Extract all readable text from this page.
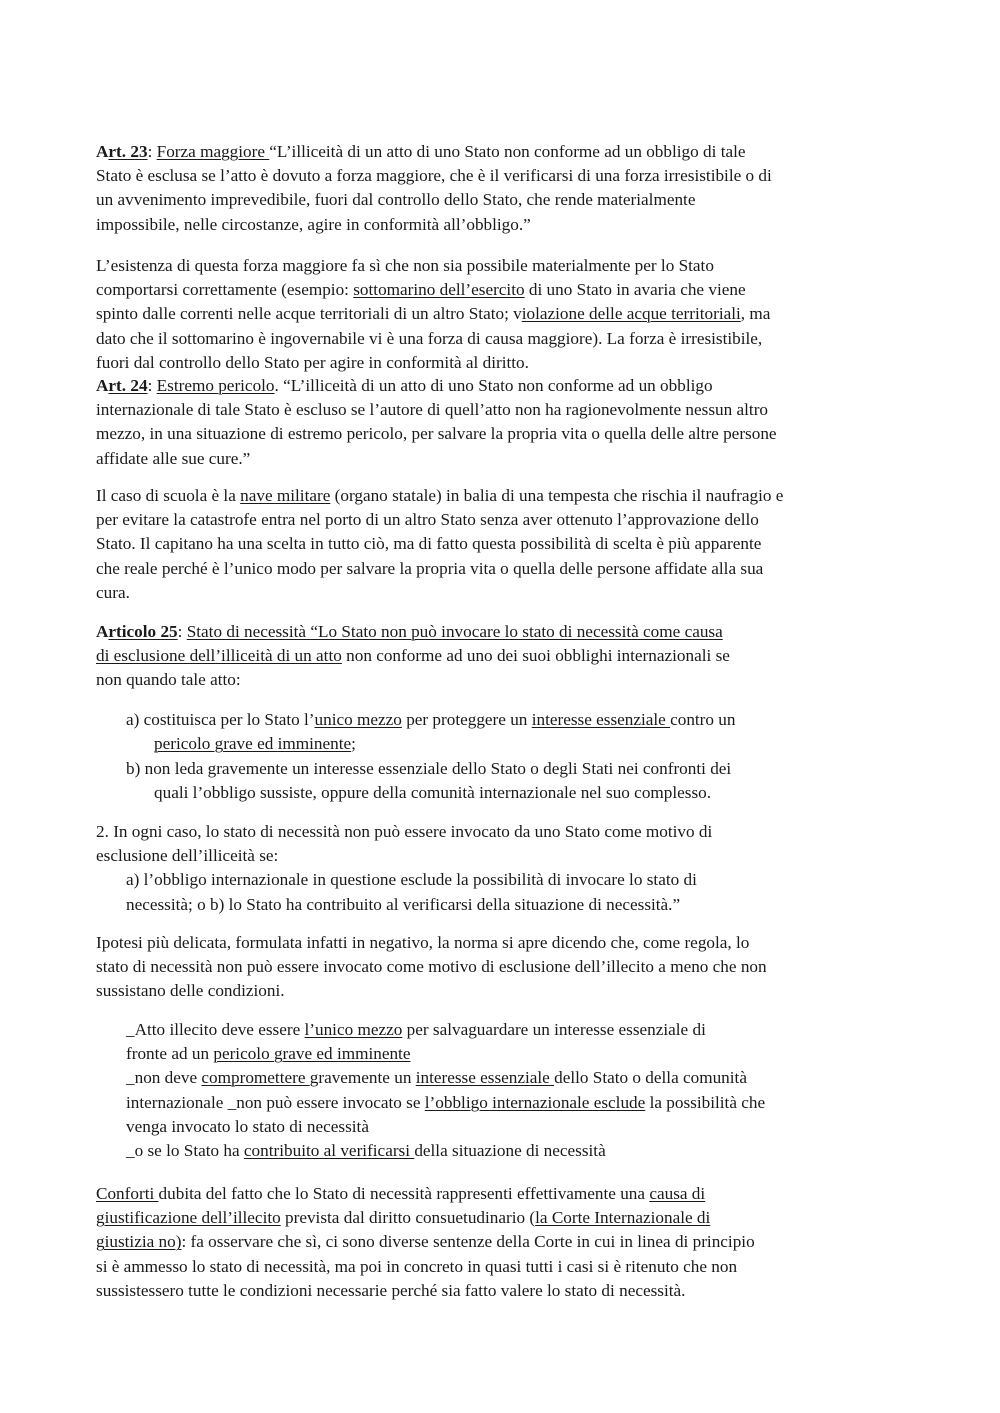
Art. 23: Forza maggiore “L’illiceità di un atto di uno Stato non conforme ad un obbligo di tale
Stato è esclusa se l’atto è dovuto a forza maggiore, che è il verificarsi di una forza irresistibile o di
un avvenimento imprevedibile, fuori dal controllo dello Stato, che rende materialmente
impossibile, nelle circostanze, agire in conformità all’obbligo.”
L’esistenza di questa forza maggiore fa sì che non sia possibile materialmente per lo Stato
comportarsi correttamente (esempio: sottomarino dell’esercito di uno Stato in avaria che viene
spinto dalle correnti nelle acque territoriali di un altro Stato; violazione delle acque territoriali, ma
dato che il sottomarino è ingovernabile vi è una forza di causa maggiore). La forza è irresistibile,
fuori dal controllo dello Stato per agire in conformità al diritto.
Art. 24: Estremo pericolo. “L’illiceità di un atto di uno Stato non conforme ad un obbligo
internazionale di tale Stato è escluso se l’autore di quell’atto non ha ragionevolmente nessun altro
mezzo, in una situazione di estremo pericolo, per salvare la propria vita o quella delle altre persone
affidate alle sue cure.”
Il caso di scuola è la nave militare (organo statale) in balia di una tempesta che rischia il naufragio e
per evitare la catastrofe entra nel porto di un altro Stato senza aver ottenuto l’approvazione dello
Stato. Il capitano ha una scelta in tutto ciò, ma di fatto questa possibilità di scelta è più apparente
che reale perché è l’unico modo per salvare la propria vita o quella delle persone affidate alla sua
cura.
Articolo 25: Stato di necessità “Lo Stato non può invocare lo stato di necessità come causa
di esclusione dell’illiceità di un atto non conforme ad uno dei suoi obblighi internazionali se
non quando tale atto:
a) costituisca per lo Stato l’unico mezzo per proteggere un interesse essenziale contro un
pericolo grave ed imminente;
b) non leda gravemente un interesse essenziale dello Stato o degli Stati nei confronti dei
quali l’obbligo sussiste, oppure della comunità internazionale nel suo complesso.
2. In ogni caso, lo stato di necessità non può essere invocato da uno Stato come motivo di
esclusione dell’illiceità se:
a) l’obbligo internazionale in questione esclude la possibilità di invocare lo stato di
necessità; o b) lo Stato ha contribuito al verificarsi della situazione di necessità.”
Ipotesi più delicata, formulata infatti in negativo, la norma si apre dicendo che, come regola, lo
stato di necessità non può essere invocato come motivo di esclusione dell’illecito a meno che non
sussistano delle condizioni.
_Atto illecito deve essere l’unico mezzo per salvaguardare un interesse essenziale di
fronte ad un pericolo grave ed imminente
_non deve compromettere gravemente un interesse essenziale dello Stato o della comunità
internazionale _non può essere invocato se l’obbligo internazionale esclude la possibilità che
venga invocato lo stato di necessità
_o se lo Stato ha contribuito al verificarsi della situazione di necessità
Conforti dubita del fatto che lo Stato di necessità rappresenti effettivamente una causa di
giustificazione dell’illecito prevista dal diritto consuetudinario (la Corte Internazionale di
giustizia no): fa osservare che sì, ci sono diverse sentenze della Corte in cui in linea di principio
si è ammesso lo stato di necessità, ma poi in concreto in quasi tutti i casi si è ritenuto che non
sussistessero tutte le condizioni necessarie perché sia fatto valere lo stato di necessità.
